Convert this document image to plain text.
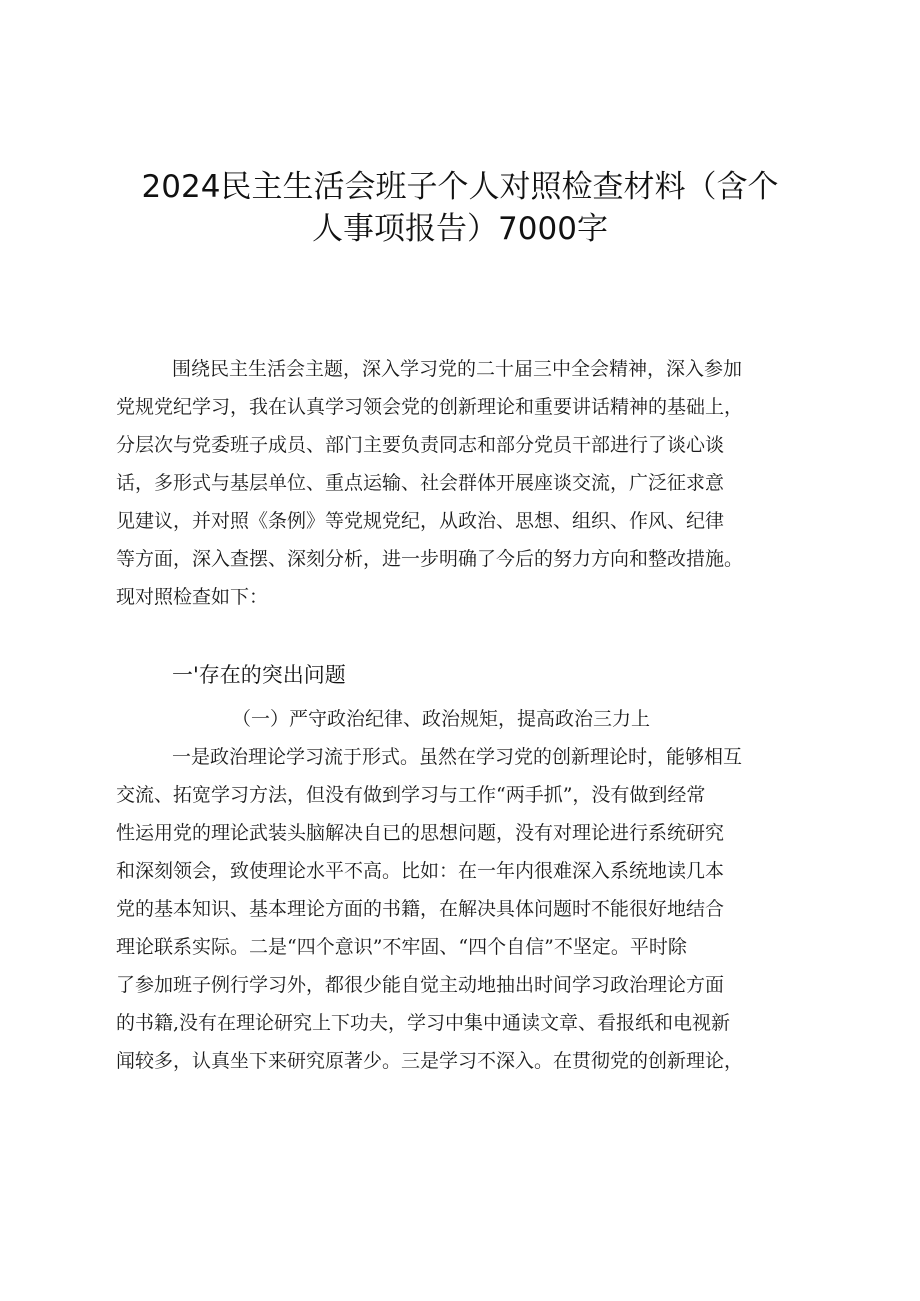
2024民主生活会班子个人对照检查材料（含个
人事项报告）7000字
围绕民主生活会主题，深入学习党的二十届三中全会精神，深入参加
党规党纪学习，我在认真学习领会党的创新理论和重要讲话精神的基础上，
分层次与党委班子成员、部门主要负责同志和部分党员干部进行了谈心谈
话，多形式与基层单位、重点运输、社会群体开展座谈交流，广泛征求意
见建议，并对照《条例》等党规党纪，从政治、思想、组织、作风、纪律
等方面，深入查摆、深刻分析，进一步明确了今后的努力方向和整改措施。
现对照检查如下：
一'存在的突出问题
（一）严守政治纪律、政治规矩，提高政治三力上
一是政治理论学习流于形式。虽然在学习党的创新理论时，能够相互
交流、拓宽学习方法，但没有做到学习与工作“两手抓”，没有做到经常
性运用党的理论武装头脑解决自已的思想问题，没有对理论进行系统研究
和深刻领会，致使理论水平不高。比如：在一年内很难深入系统地读几本
党的基本知识、基本理论方面的书籍，在解决具体问题时不能很好地结合
理论联系实际。二是“四个意识”不牢固、“四个自信”不坚定。平时除
了参加班子例行学习外，都很少能自觉主动地抽出时间学习政治理论方面
的书籍,没有在理论研究上下功夫，学习中集中通读文章、看报纸和电视新
闻较多，认真坐下来研究原著少。三是学习不深入。在贯彻党的创新理论，
